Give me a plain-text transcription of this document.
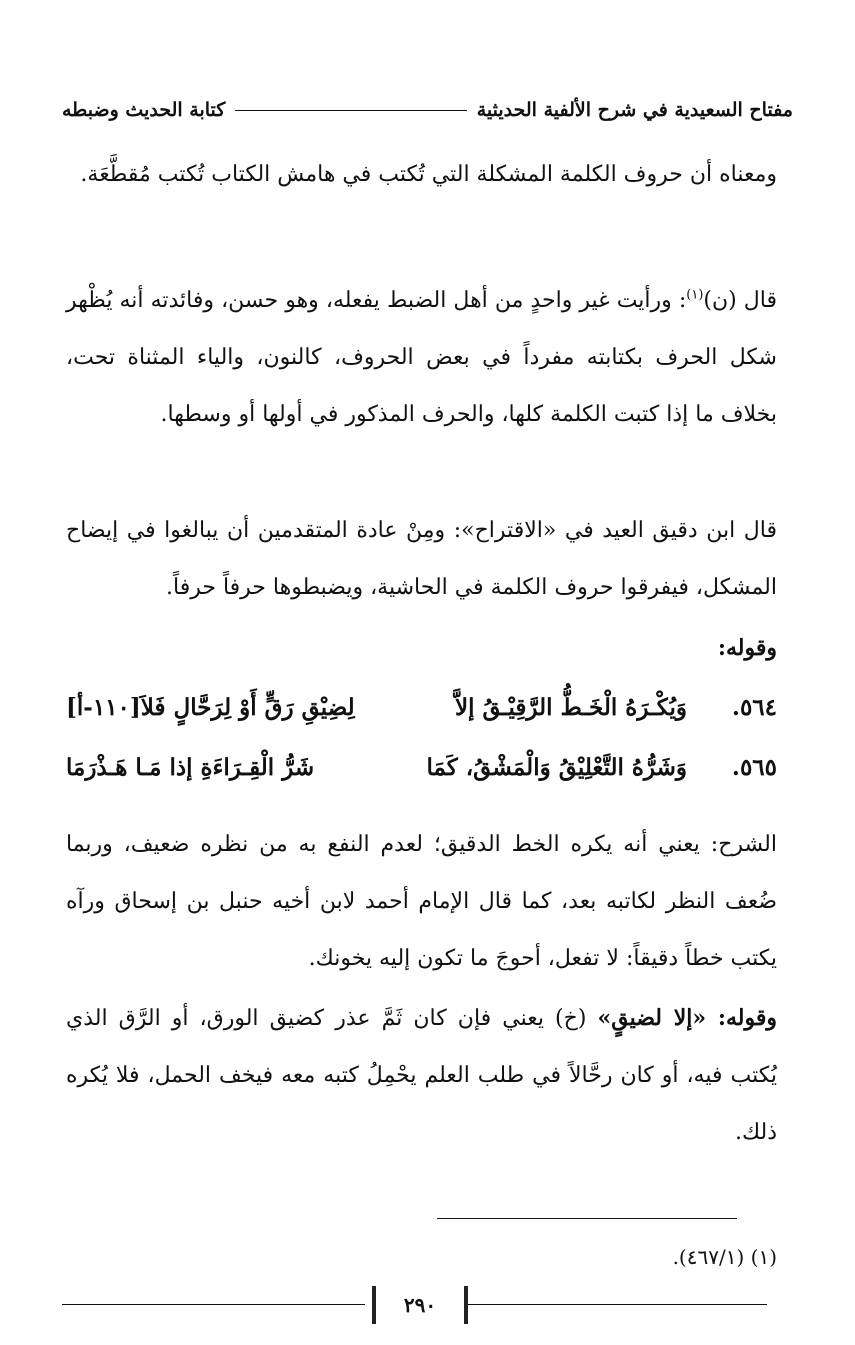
مفتاح السعيدية في شرح الألفية الحديثية
كتابة الحديث وضبطه

ومعناه أن حروف الكلمة المشكلة التي تُكتب في هامش الكتاب تُكتب مُقطَّعَة.

قال (ن)$^{(١)}$: ورأيت غير واحدٍ من أهل الضبط يفعله، وهو حسن، وفائدته أنه يُظْهر شكل الحرف بكتابته مفرداً في بعض الحروف، كالنون، والياء المثناة تحت، بخلاف ما إذا كتبت الكلمة كلها، والحرف المذكور في أولها أو وسطها.

قال ابن دقيق العيد في «الاقتراح»: ومِنْ عادة المتقدمين أن يبالغوا في إيضاح المشكل، فيفرقوا حروف الكلمة في الحاشية، ويضبطوها حرفاً حرفاً.

وقوله:
٥٦٤.
وَيُكْـرَهُ الْخَـطُّ الرَّقِيْـقُ إلاَّ
لِضِيْقِ رَقٍّ أَوْ لِرَحَّالٍ فَلاَ[١١٠-أ]
٥٦٥.
وَشَرُّهُ التَّعْلِيْقُ وَالْمَشْقُ، كَمَا
شَرُّ الْقِـرَاءَةِ إذا مَـا هَـذْرَمَا

الشرح: يعني أنه يكره الخط الدقيق؛ لعدم النفع به من نظره ضعيف، وربما ضُعف النظر لكاتبه بعد، كما قال الإمام أحمد لابن أخيه حنبل بن إسحاق ورآه يكتب خطاً دقيقاً: لا تفعل، أحوجَ ما تكون إليه يخونك.

وقوله: «إلا لضيقٍ» (خ) يعني فإن كان ثَمَّ عذر كضيق الورق، أو الرَّق الذي يُكتب فيه، أو كان رحَّالاً في طلب العلم يحْمِلُ كتبه معه فيخف الحمل، فلا يُكره ذلك.

(١) (٤٦٧/١).
٢٩٠
